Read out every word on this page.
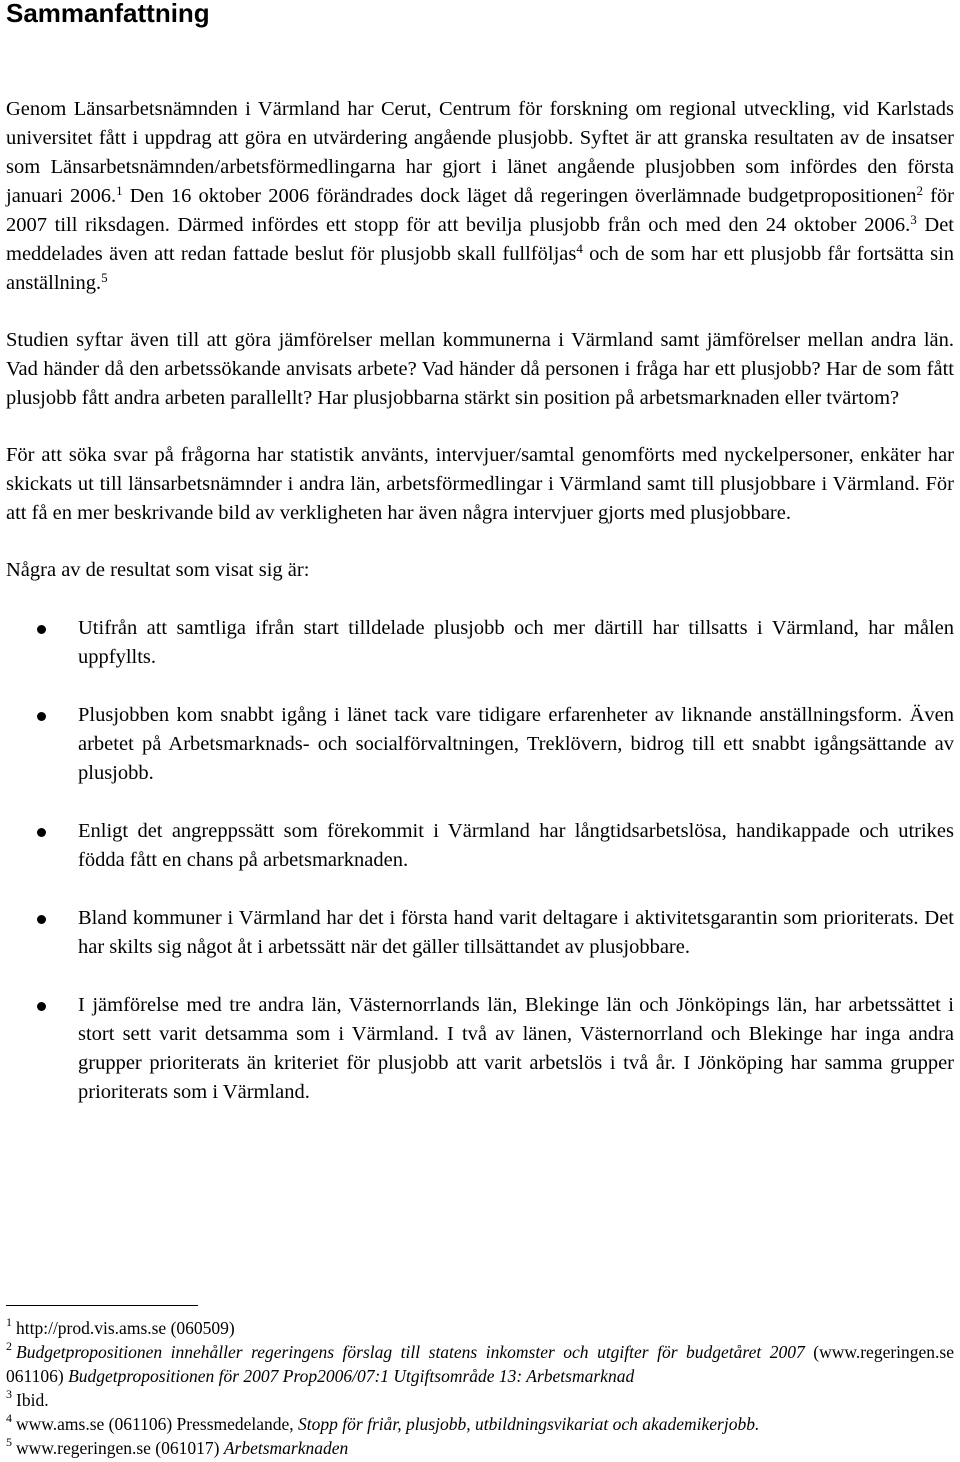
Sammanfattning

Genom Länsarbetsnämnden i Värmland har Cerut, Centrum för forskning om regional utveckling, vid Karlstads universitet fått i uppdrag att göra en utvärdering angående plusjobb. Syftet är att granska resultaten av de insatser som Länsarbetsnämnden/arbetsförmedlingarna har gjort i länet angående plusjobben som infördes den första januari 2006.$^1$ Den 16 oktober 2006 förändrades dock läget då regeringen överlämnade budgetpropositionen$^2$ för 2007 till riksdagen. Därmed infördes ett stopp för att bevilja plusjobb från och med den 24 oktober 2006.$^3$ Det meddelades även att redan fattade beslut för plusjobb skall fullföljas$^4$ och de som har ett plusjobb får fortsätta sin anställning.$^5$

Studien syftar även till att göra jämförelser mellan kommunerna i Värmland samt jämförelser mellan andra län. Vad händer då den arbetssökande anvisats arbete? Vad händer då personen i fråga har ett plusjobb? Har de som fått plusjobb fått andra arbeten parallellt? Har plusjobbarna stärkt sin position på arbetsmarknaden eller tvärtom?

För att söka svar på frågorna har statistik använts, intervjuer/samtal genomförts med nyckelpersoner, enkäter har skickats ut till länsarbetsnämnder i andra län, arbetsförmedlingar i Värmland samt till plusjobbare i Värmland. För att få en mer beskrivande bild av verkligheten har även några intervjuer gjorts med plusjobbare.

Några av de resultat som visat sig är:

Utifrån att samtliga ifrån start tilldelade plusjobb och mer därtill har tillsatts i Värmland, har målen uppfyllts.
Plusjobben kom snabbt igång i länet tack vare tidigare erfarenheter av liknande anställningsform. Även arbetet på Arbetsmarknads- och socialförvaltningen, Treklövern, bidrog till ett snabbt igångsättande av plusjobb.
Enligt det angreppssätt som förekommit i Värmland har långtidsarbetslösa, handikappade och utrikes födda fått en chans på arbetsmarknaden.
Bland kommuner i Värmland har det i första hand varit deltagare i aktivitetsgarantin som prioriterats. Det har skilts sig något åt i arbetssätt när det gäller tillsättandet av plusjobbare.
I jämförelse med tre andra län, Västernorrlands län, Blekinge län och Jönköpings län, har arbetssättet i stort sett varit detsamma som i Värmland. I två av länen, Västernorrland och Blekinge har inga andra grupper prioriterats än kriteriet för plusjobb att varit arbetslös i två år. I Jönköping har samma grupper prioriterats som i Värmland.

$^1$ http://prod.vis.ams.se (060509)

$^2$ Budgetpropositionen innehåller regeringens förslag till statens inkomster och utgifter för budgetåret 2007 (www.regeringen.se 061106) Budgetpropositionen för 2007 Prop2006/07:1 Utgiftsområde 13: Arbetsmarknad

$^3$ Ibid.

$^4$ www.ams.se (061106) Pressmedelande, Stopp för friår, plusjobb, utbildningsvikariat och akademikerjobb.

$^5$ www.regeringen.se (061017) Arbetsmarknaden
